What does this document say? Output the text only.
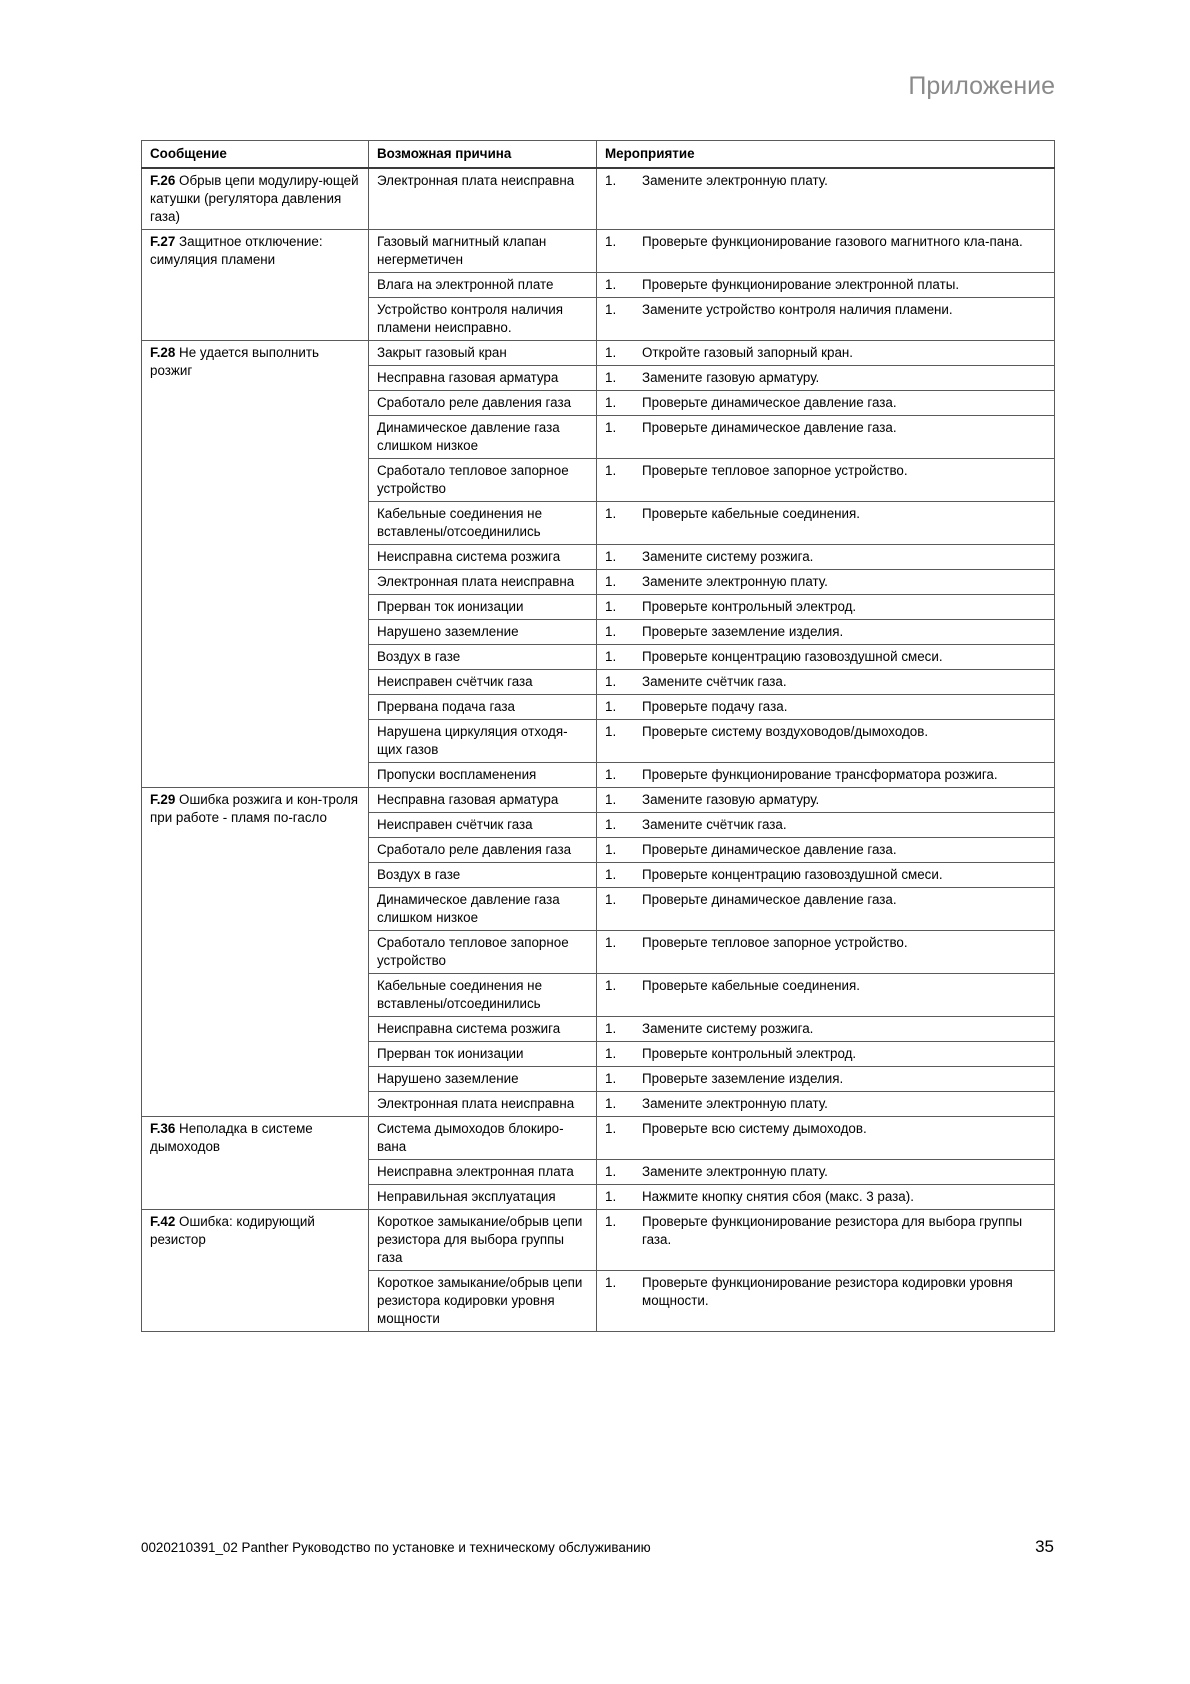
Приложение
Сообщение	Возможная причина	Мероприятие
F.26 Обрыв цепи модулиру-ющей катушки (регулятора давления газа)	Электронная плата неисправна	1. Замените электронную плату.

F.27 Защитное отключение: симуляция пламени	Газовый магнитный клапан негерметичен	1. Проверьте функционирование газового магнитного кла-пана.

	Влага на электронной плате	1. Проверьте функционирование электронной платы.

	Устройство контроля наличия пламени неисправно.	1. Замените устройство контроля наличия пламени.

F.28 Не удается выполнить розжиг	Закрыт газовый кран	1. Откройте газовый запорный кран.

	Несправна газовая арматура	1. Замените газовую арматуру.

	Сработало реле давления газа	1. Проверьте динамическое давление газа.

	Динамическое давление газа слишком низкое	1. Проверьте динамическое давление газа.

	Сработало тепловое запорное устройство	1. Проверьте тепловое запорное устройство.

	Кабельные соединения не вставлены/отсоединились	1. Проверьте кабельные соединения.

	Неисправна система розжига	1. Замените систему розжига.

	Электронная плата неисправна	1. Замените электронную плату.

	Прерван ток ионизации	1. Проверьте контрольный электрод.

	Нарушено заземление	1. Проверьте заземление изделия.

	Воздух в газе	1. Проверьте концентрацию газовоздушной смеси.

	Неисправен счётчик газа	1. Замените счётчик газа.

	Прервана подача газа	1. Проверьте подачу газа.

	Нарушена циркуляция отходя-щих газов	1. Проверьте систему воздуховодов/дымоходов.

	Пропуски воспламенения	1. Проверьте функционирование трансформатора розжига.

F.29 Ошибка розжига и кон-троля при работе - пламя по-гасло	Несправна газовая арматура	1. Замените газовую арматуру.

	Неисправен счётчик газа	1. Замените счётчик газа.

	Сработало реле давления газа	1. Проверьте динамическое давление газа.

	Воздух в газе	1. Проверьте концентрацию газовоздушной смеси.

	Динамическое давление газа слишком низкое	1. Проверьте динамическое давление газа.

	Сработало тепловое запорное устройство	1. Проверьте тепловое запорное устройство.

	Кабельные соединения не вставлены/отсоединились	1. Проверьте кабельные соединения.

	Неисправна система розжига	1. Замените систему розжига.

	Прерван ток ионизации	1. Проверьте контрольный электрод.

	Нарушено заземление	1. Проверьте заземление изделия.

	Электронная плата неисправна	1. Замените электронную плату.

F.36 Неполадка в системе дымоходов	Система дымоходов блокиро-вана	1. Проверьте всю систему дымоходов.

	Неисправна электронная плата	1. Замените электронную плату.

	Неправильная эксплуатация	1. Нажмите кнопку снятия сбоя (макс. 3 раза).

F.42 Ошибка: кодирующий резистор	Короткое замыкание/обрыв цепи резистора для выбора группы газа	1. Проверьте функционирование резистора для выбора группы газа.

	Короткое замыкание/обрыв цепи резистора кодировки уровня мощности	1. Проверьте функционирование резистора кодировки уровня мощности.
0020210391_02 Panther Руководство по установке и техническому обслуживанию	35
